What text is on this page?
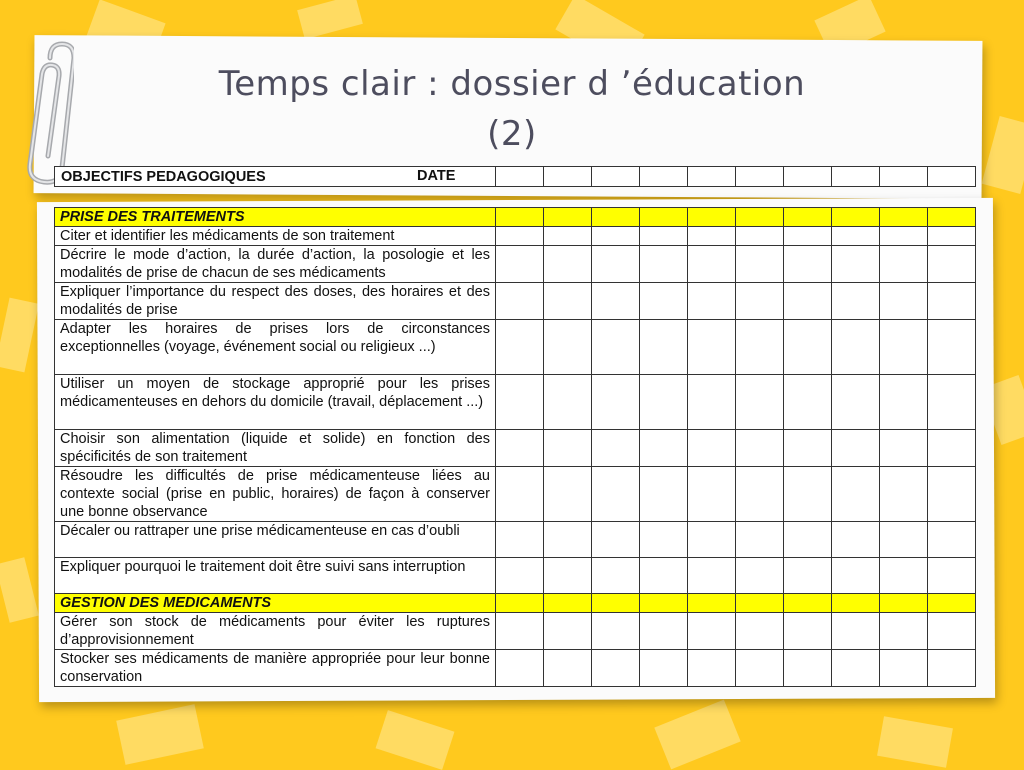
Temps clair : dossier d ’éducation
(2)
OBJECTIFS PEDAGOGIQUES	DATE

PRISE DES TRAITEMENTS										
Citer et identifier les médicaments de son traitement										
Décrire le mode d’action, la durée d’action, la posologie et les modalités de prise de chacun de ses médicaments										
Expliquer l’importance du respect des doses, des horaires et des modalités de prise										
Adapter les horaires de prises lors de circonstances exceptionnelles (voyage, événement social ou religieux ...)										
Utiliser un moyen de stockage approprié pour les prises médicamenteuses en dehors du domicile (travail, déplacement ...)										
Choisir son alimentation (liquide et solide) en fonction des spécificités de son traitement										
Résoudre les difficultés de prise médicamenteuse liées au contexte social (prise en public, horaires) de façon à conserver une bonne observance										
Décaler ou rattraper une prise médicamenteuse en cas d’oubli										
Expliquer pourquoi le traitement doit être suivi sans interruption										
GESTION DES MEDICAMENTS										
Gérer son stock de médicaments pour éviter les ruptures d’approvisionnement										
Stocker ses médicaments de manière appropriée pour leur bonne conservation										
